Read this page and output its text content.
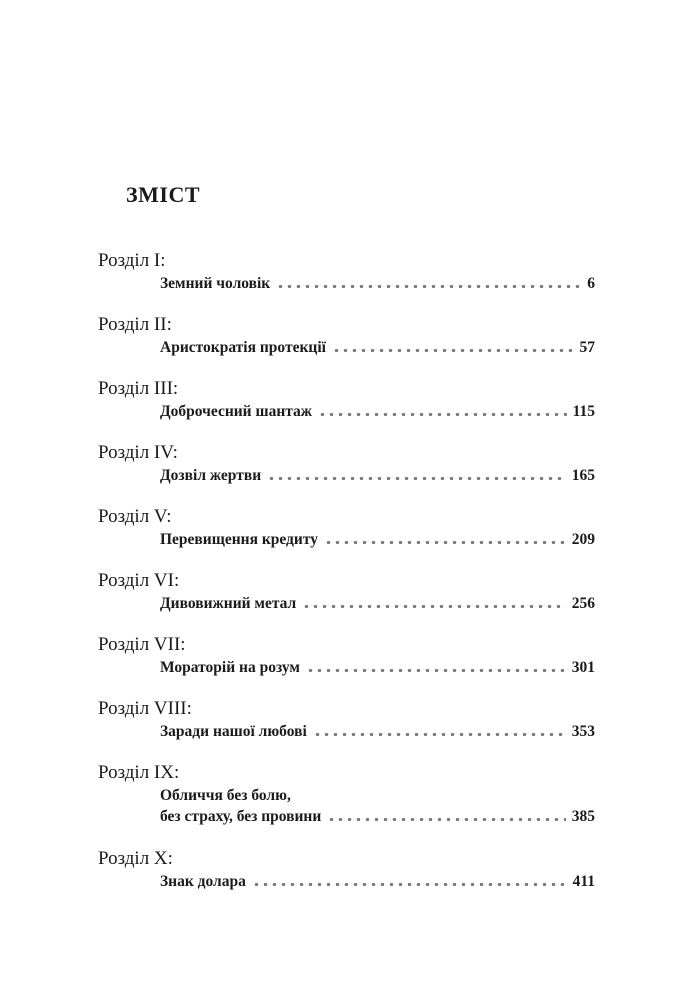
ЗМІСТ
Розділ I:
Земний чоловік	6
Розділ II:
Аристократія протекції	57
Розділ III:
Доброчесний шантаж	115
Розділ IV:
Дозвіл жертви	165
Розділ V:
Перевищення кредиту	209
Розділ VI:
Дивовижний метал	256
Розділ VII:
Мораторій на розум	301
Розділ VIII:
Заради нашої любові	353
Розділ IX:
Обличчя без болю,
без страху, без провини	385
Розділ X:
Знак долара	411
